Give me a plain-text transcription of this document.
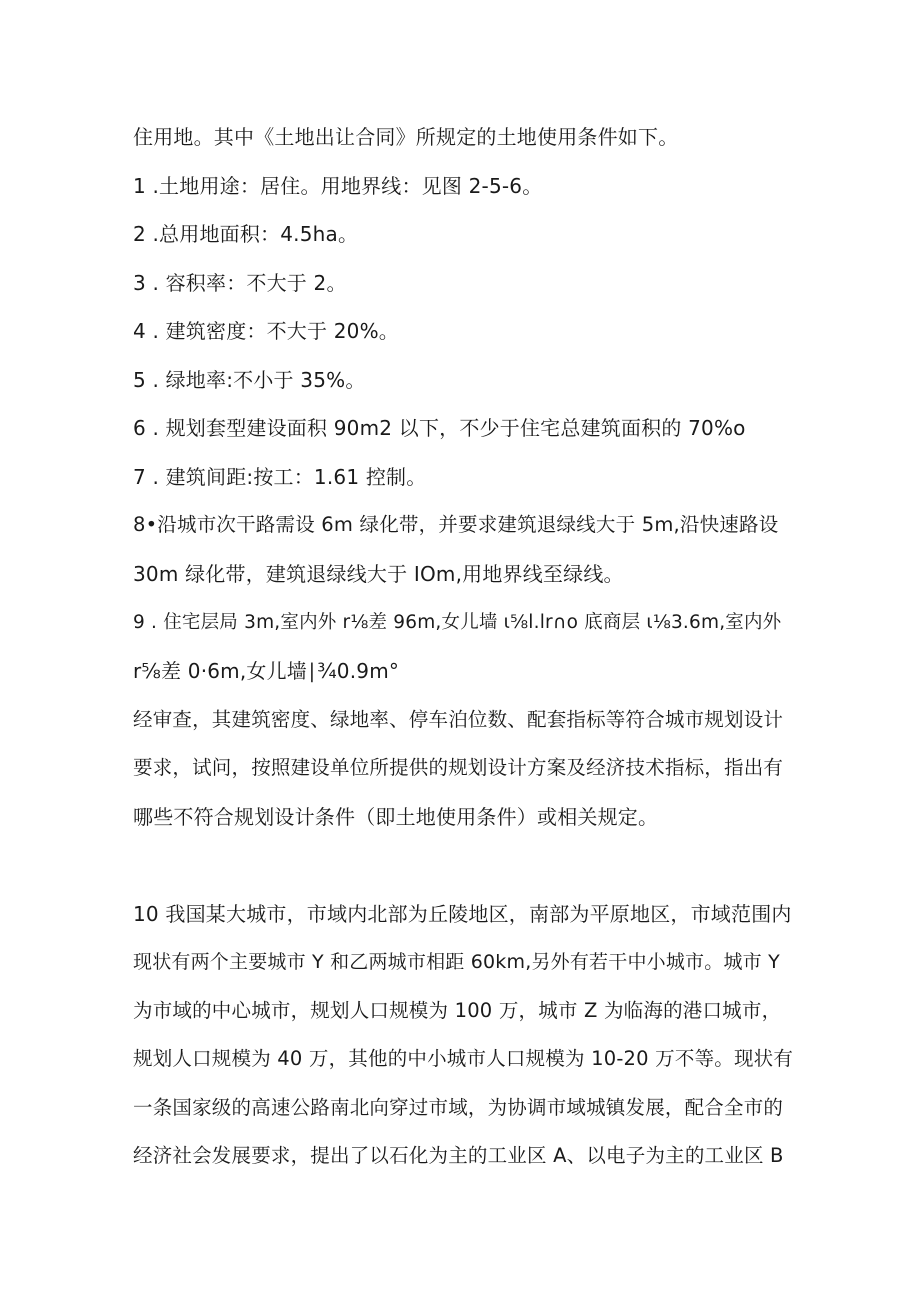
住用地。其中《土地出让合同》所规定的土地使用条件如下。
1 .土地用途：居住。用地界线：见图 2-5-6。
2 .总用地面积：4.5ha。
3 . 容积率：不大于 2。
4 . 建筑密度：不大于 20%。
5 . 绿地率:不小于 35%。
6 . 规划套型建设面积 90m2 以下，不少于住宅总建筑面积的 70%o
7 . 建筑间距:按工：1.61 控制。
8•沿城市次干路需设 6m 绿化带，并要求建筑退绿线大于 5m,沿快速路设
30m 绿化带，建筑退绿线大于 IOm,用地界线至绿线。
9 . 住宅层局 3m,室内外 r⅛差 96m,女儿墙 ι⅝l.lr∩o 底商层 ι⅛3.6m,室内外
r⅝差 0·6m,女儿墙∣¾0.9m°
经审查，其建筑密度、绿地率、停车泊位数、配套指标等符合城市规划设计
要求，试问，按照建设单位所提供的规划设计方案及经济技术指标，指出有
哪些不符合规划设计条件（即土地使用条件）或相关规定。
10 我国某大城市，市域内北部为丘陵地区，南部为平原地区，市域范围内
现状有两个主要城市 Y 和乙两城市相距 60km,另外有若干中小城市。城市 Y
为市域的中心城市，规划人口规模为 100 万，城市 Z 为临海的港口城市，
规划人口规模为 40 万，其他的中小城市人口规模为 10-20 万不等。现状有
一条国家级的高速公路南北向穿过市域，为协调市域城镇发展，配合全市的
经济社会发展要求，提出了以石化为主的工业区 A、以电子为主的工业区 B
